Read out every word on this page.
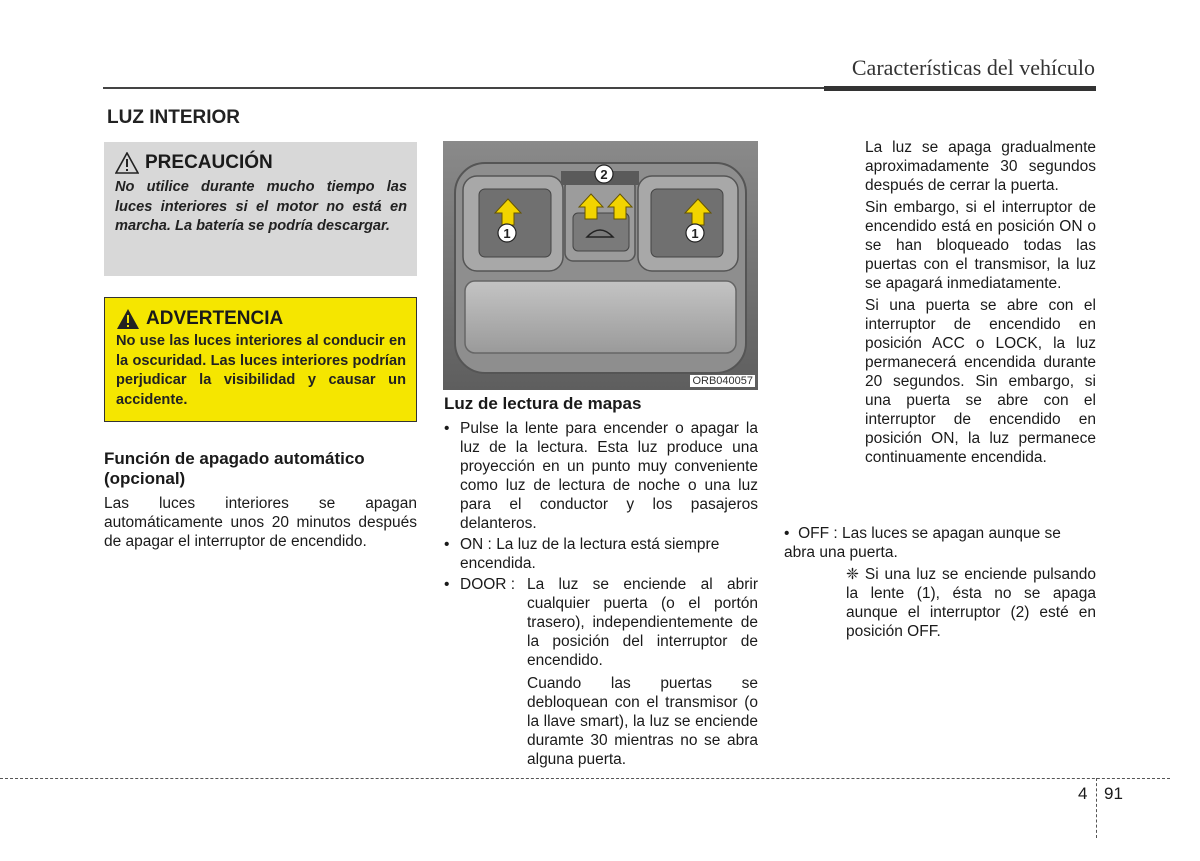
Características del vehículo
LUZ INTERIOR
PRECAUCIÓN
No utilice durante mucho tiempo las luces interiores si el motor no está en marcha. La batería se podría descargar.
ADVERTENCIA
No use las luces interiores al conducir en la oscuridad. Las luces interiores podrían perjudicar la visibilidad y causar un accidente.
Función de apagado automático (opcional)
Las luces interiores se apagan automáticamente unos 20 minutos después de apagar el interruptor de encendido.
1
2
1
ORB040057
Luz de lectura de mapas
• Pulse la lente para encender o apagar la luz de la lectura. Esta luz produce una proyección en un punto muy conveniente como luz de lectura de noche o una luz para el conductor y los pasajeros delanteros.
• ON : La luz de la lectura está siempre encendida.
• DOOR : La luz se enciende al abrir cualquier puerta (o el portón trasero), independientemente de la posición del interruptor de encendido.
Cuando las puertas se debloquean con el transmisor (o la llave smart), la luz se enciende duramte 30 mientras no se abra alguna puerta.

La luz se apaga gradualmente aproximadamente 30 segundos después de cerrar la puerta.

Sin embargo, si el interruptor de encendido está en posición ON o se han bloqueado todas las puertas con el transmisor, la luz se apagará inmediatamente.

Si una puerta se abre con el interruptor de encendido en posición ACC o LOCK, la luz permanecerá encendida durante 20 segundos. Sin embargo, si una puerta se abre con el interruptor de encendido en posición ON, la luz permanece continuamente encendida.

• OFF : Las luces se apagan aunque se abra una puerta.
❈ Si una luz se enciende pulsando la lente (1), ésta no se apaga aunque el interruptor (2) esté en posición OFF.
4 91
